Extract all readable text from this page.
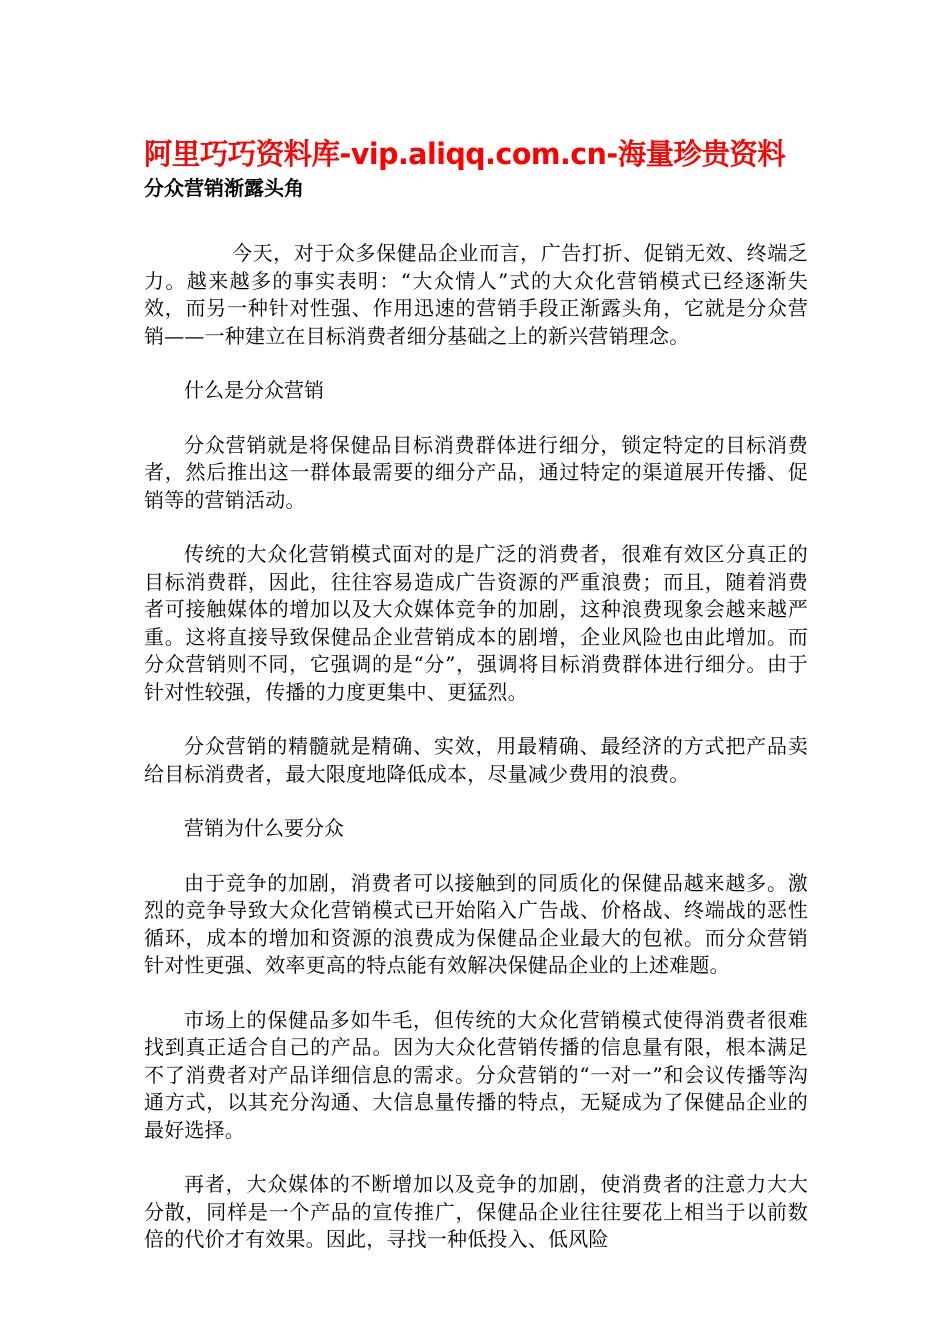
阿里巧巧资料库-vip.aliqq.com.cn-海量珍贵资料
分众营销渐露头角

今天，对于众多保健品企业而言，广告打折、促销无效、终端乏力。越来越多的事实表明：“大众情人”式的大众化营销模式已经逐渐失效，而另一种针对性强、作用迅速的营销手段正渐露头角，它就是分众营销——一种建立在目标消费者细分基础之上的新兴营销理念。

什么是分众营销

分众营销就是将保健品目标消费群体进行细分，锁定特定的目标消费者，然后推出这一群体最需要的细分产品，通过特定的渠道展开传播、促销等的营销活动。

传统的大众化营销模式面对的是广泛的消费者，很难有效区分真正的目标消费群，因此，往往容易造成广告资源的严重浪费；而且，随着消费者可接触媒体的增加以及大众媒体竞争的加剧，这种浪费现象会越来越严重。这将直接导致保健品企业营销成本的剧增，企业风险也由此增加。而分众营销则不同，它强调的是“分”，强调将目标消费群体进行细分。由于针对性较强，传播的力度更集中、更猛烈。

分众营销的精髓就是精确、实效，用最精确、最经济的方式把产品卖给目标消费者，最大限度地降低成本，尽量减少费用的浪费。

营销为什么要分众

由于竞争的加剧，消费者可以接触到的同质化的保健品越来越多。激烈的竞争导致大众化营销模式已开始陷入广告战、价格战、终端战的恶性循环，成本的增加和资源的浪费成为保健品企业最大的包袱。而分众营销针对性更强、效率更高的特点能有效解决保健品企业的上述难题。

市场上的保健品多如牛毛，但传统的大众化营销模式使得消费者很难找到真正适合自己的产品。因为大众化营销传播的信息量有限，根本满足不了消费者对产品详细信息的需求。分众营销的“一对一”和会议传播等沟通方式，以其充分沟通、大信息量传播的特点，无疑成为了保健品企业的最好选择。

再者，大众媒体的不断增加以及竞争的加剧，使消费者的注意力大大分散，同样是一个产品的宣传推广，保健品企业往往要花上相当于以前数倍的代价才有效果。因此，寻找一种低投入、低风险
